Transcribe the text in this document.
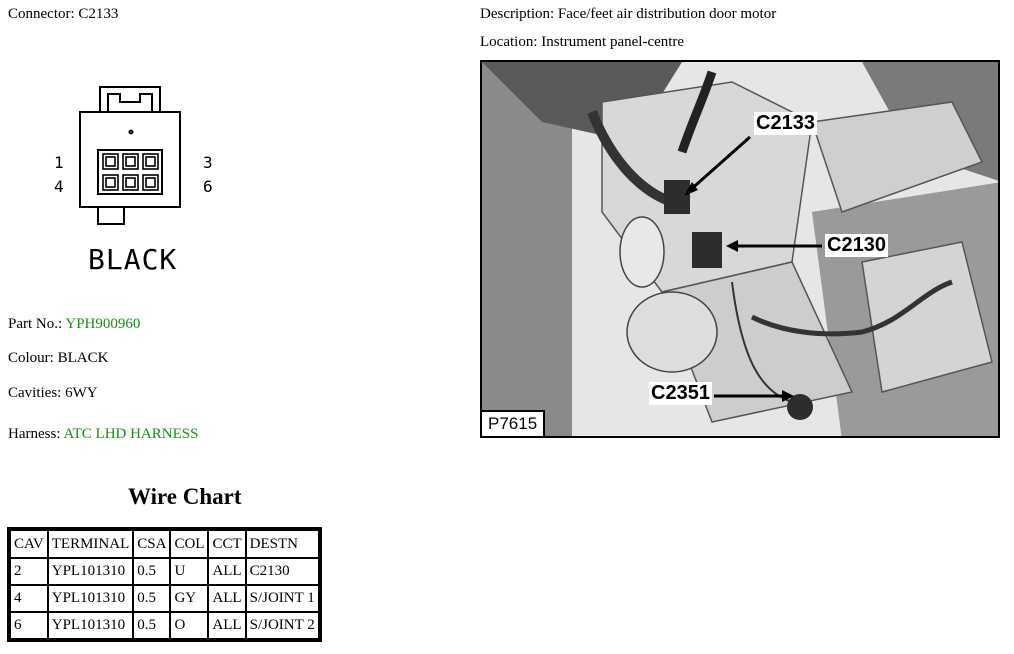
Connector: C2133
1	3
4	6
BLACK
Part No.: YPH900960
Colour: BLACK
Cavities: 6WY
Harness: ATC LHD HARNESS
Wire Chart
CAV	TERMINAL	CSA	COL	CCT	DESTN
2	YPL101310	0.5	U	ALL	C2130
4	YPL101310	0.5	GY	ALL	S/JOINT 1
6	YPL101310	0.5	O	ALL	S/JOINT 2
Description: Face/feet air distribution door motor
Location: Instrument panel-centre
C2133
C2130
C2351
P7615
